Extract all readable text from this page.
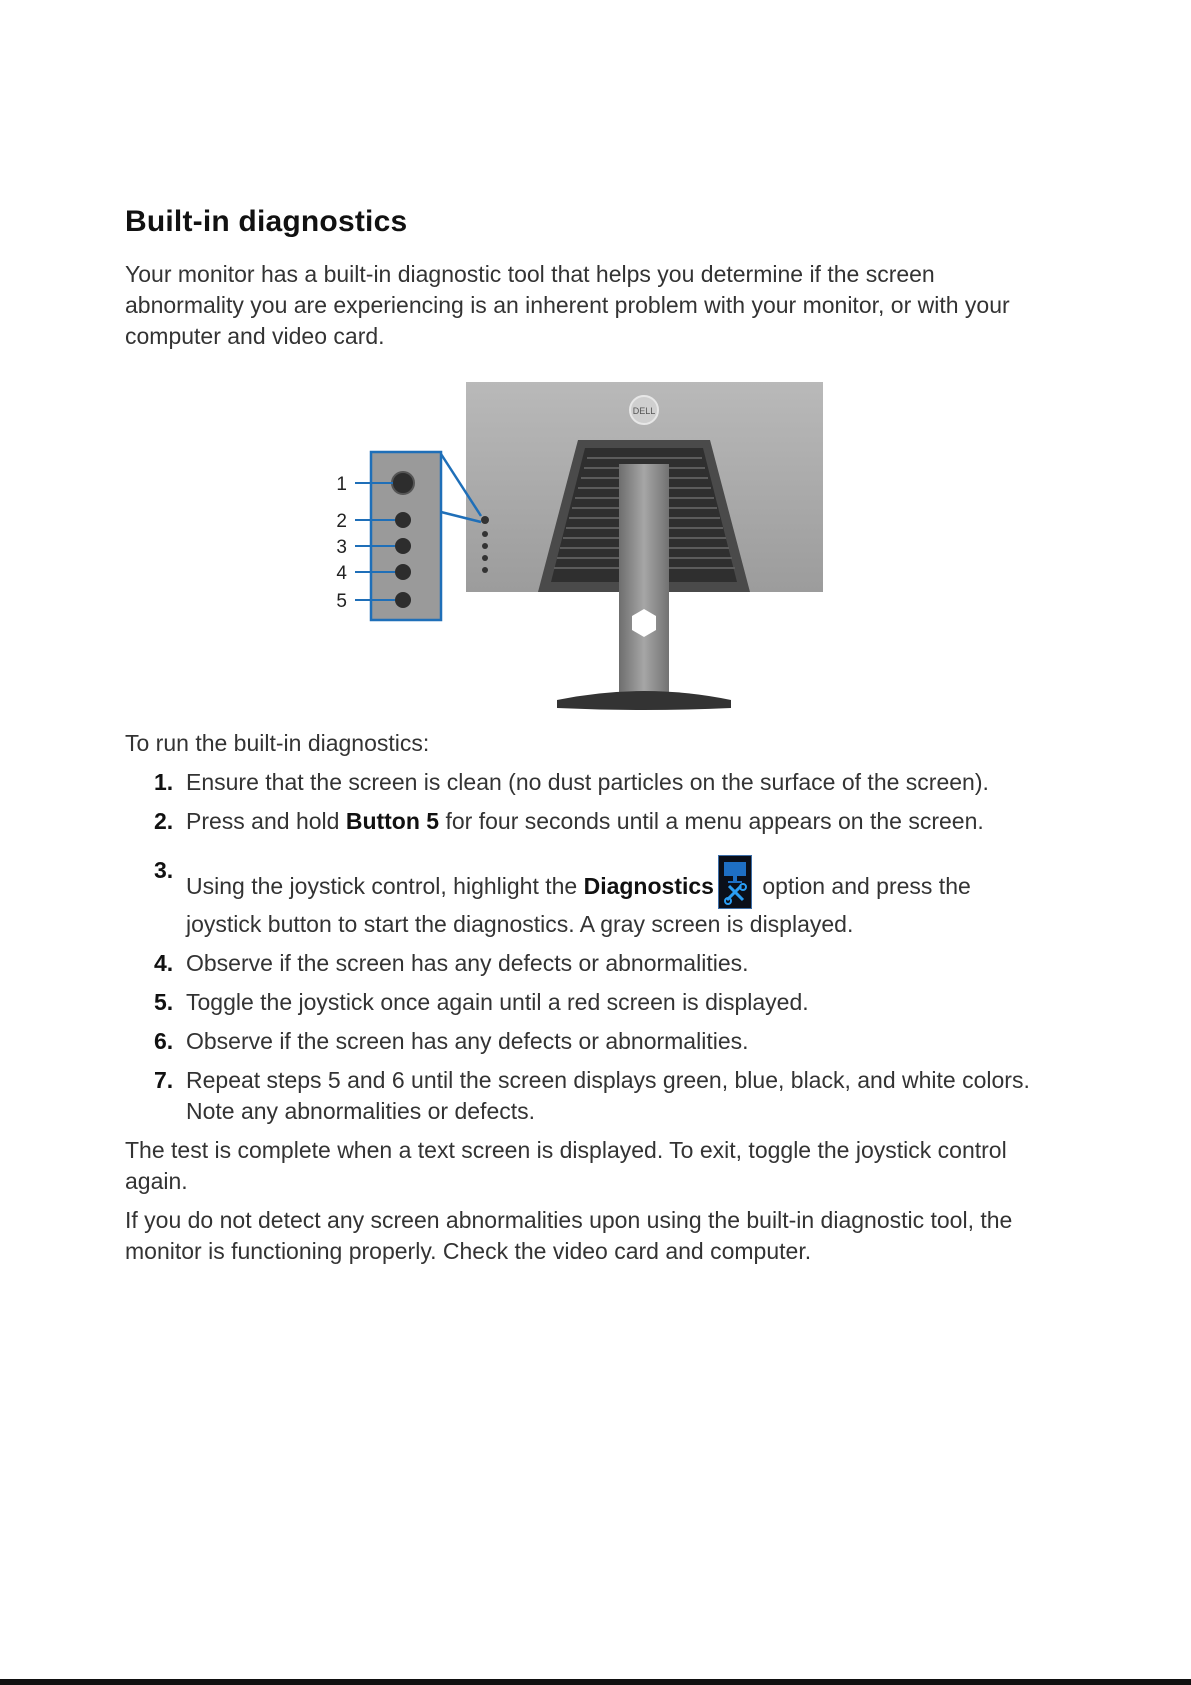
Built-in diagnostics

Your monitor has a built-in diagnostic tool that helps you determine if the screen abnormality you are experiencing is an inherent problem with your monitor, or with your computer and video card.

DELL
1
2
3
4
5

To run the built-in diagnostics:

1. Ensure that the screen is clean (no dust particles on the surface of the screen).
2. Press and hold Button 5 for four seconds until a menu appears on the screen.
3.
Using the joystick control, highlight the Diagnostics option and press the joystick button to start the diagnostics. A gray screen is displayed.
4. Observe if the screen has any defects or abnormalities.
5. Toggle the joystick once again until a red screen is displayed.
6. Observe if the screen has any defects or abnormalities.
7. Repeat steps 5 and 6 until the screen displays green, blue, black, and white colors. Note any abnormalities or defects.

The test is complete when a text screen is displayed. To exit, toggle the joystick control again.

If you do not detect any screen abnormalities upon using the built-in diagnostic tool, the monitor is functioning properly. Check the video card and computer.
